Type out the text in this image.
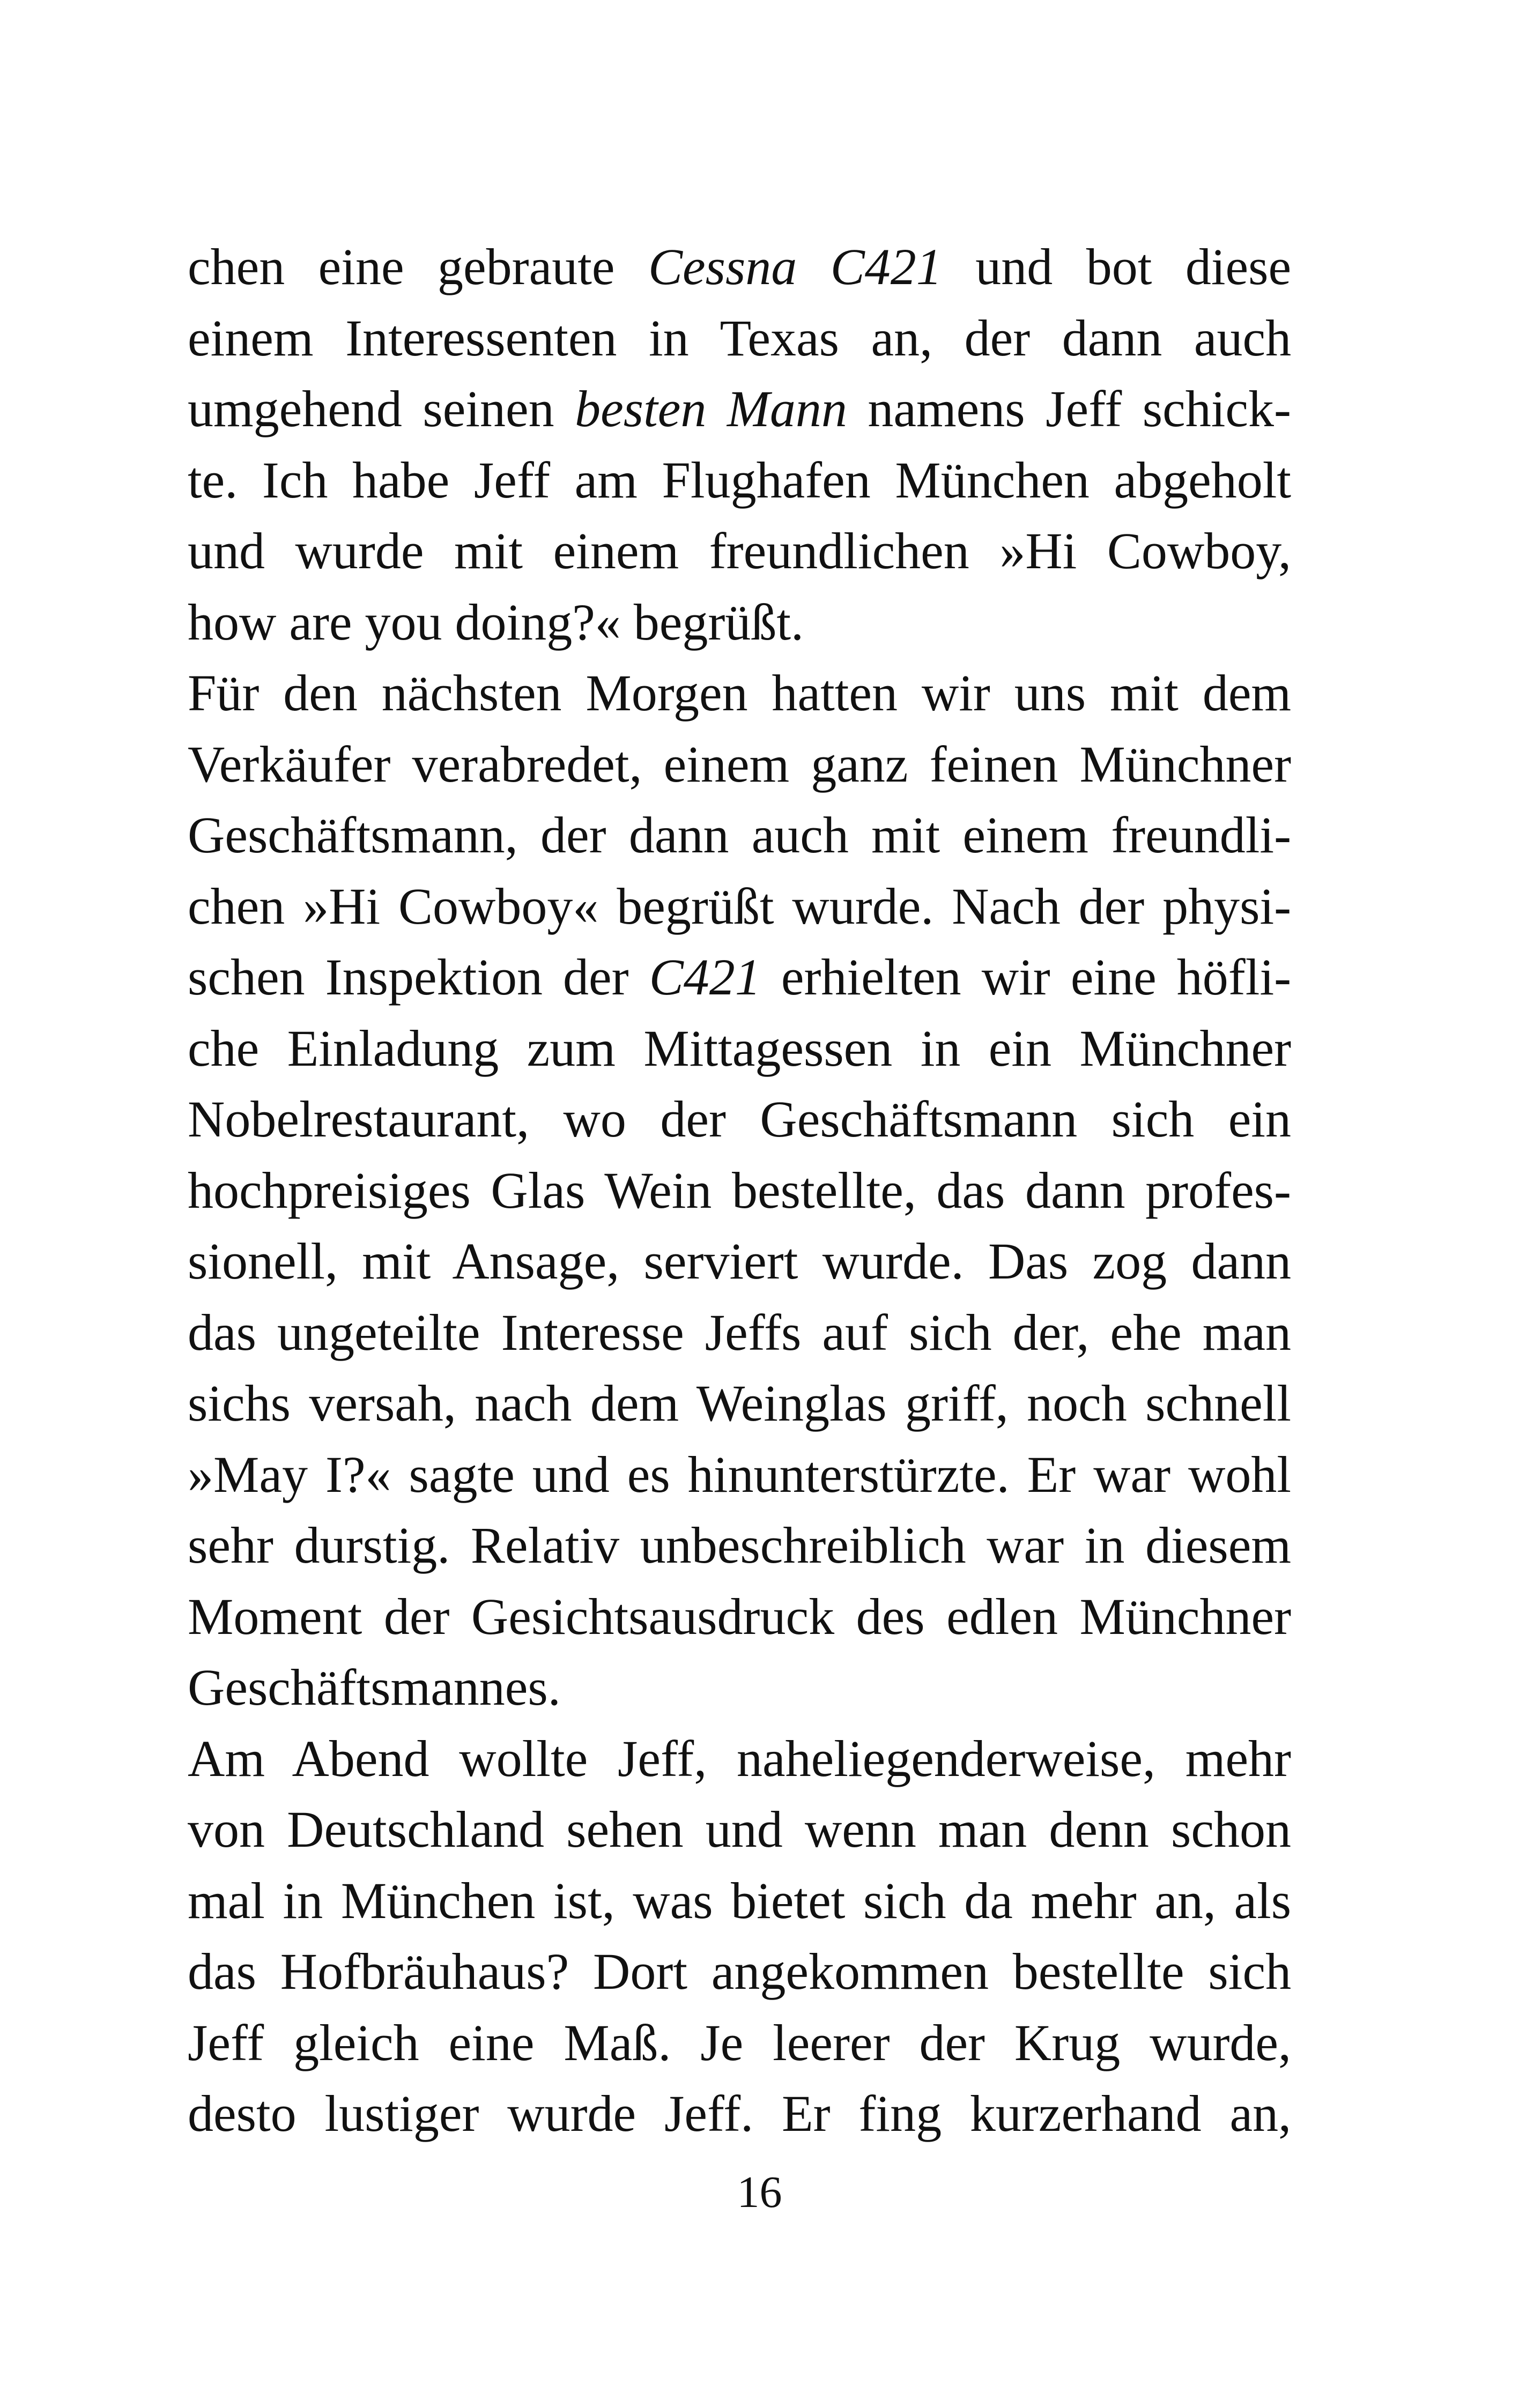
chen eine gebraute Cessna C421 und bot diese
einem Interessenten in Texas an, der dann auch
umgehend seinen besten Mann namens Jeff schick-
te. Ich habe Jeff am Flughafen München abgeholt
und wurde mit einem freundlichen »Hi Cowboy,
how are you doing?« begrüßt.
Für den nächsten Morgen hatten wir uns mit dem
Verkäufer verabredet, einem ganz feinen Münchner
Geschäftsmann, der dann auch mit einem freundli-
chen »Hi Cowboy« begrüßt wurde. Nach der physi-
schen Inspektion der C421 erhielten wir eine höfli-
che Einladung zum Mittagessen in ein Münchner
Nobelrestaurant, wo der Geschäftsmann sich ein
hochpreisiges Glas Wein bestellte, das dann profes-
sionell, mit Ansage, serviert wurde. Das zog dann
das ungeteilte Interesse Jeffs auf sich der, ehe man
sichs versah, nach dem Weinglas griff, noch schnell
»May I?« sagte und es hinunterstürzte. Er war wohl
sehr durstig. Relativ unbeschreiblich war in diesem
Moment der Gesichtsausdruck des edlen Münchner
Geschäftsmannes.
Am Abend wollte Jeff, naheliegenderweise, mehr
von Deutschland sehen und wenn man denn schon
mal in München ist, was bietet sich da mehr an, als
das Hofbräuhaus? Dort angekommen bestellte sich
Jeff gleich eine Maß. Je leerer der Krug wurde,
desto lustiger wurde Jeff. Er fing kurzerhand an,
16
